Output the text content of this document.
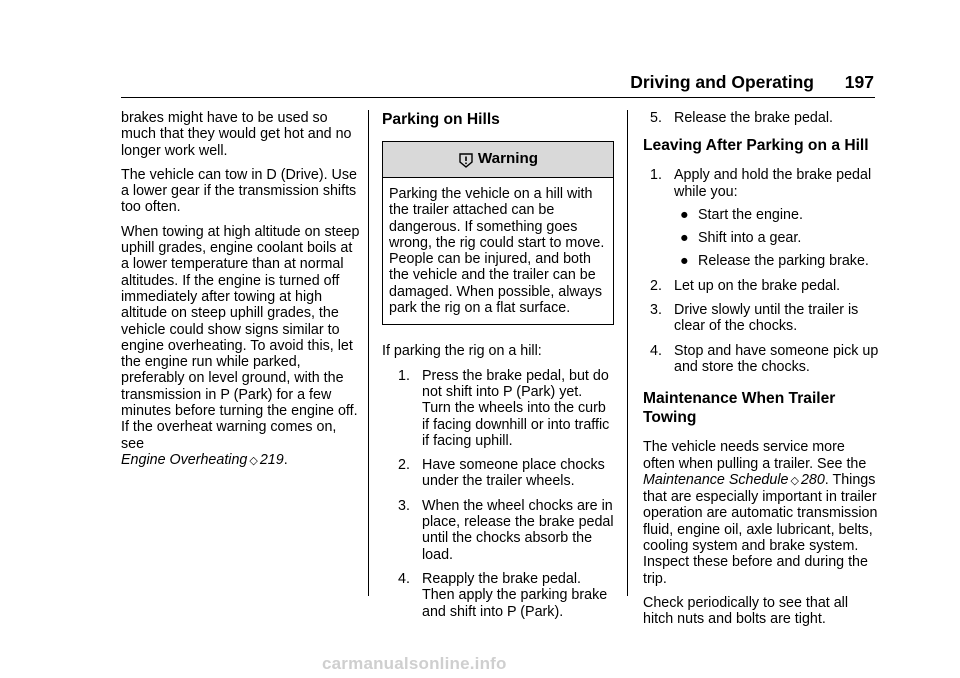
Driving and Operating 197

brakes might have to be used so much that they would get hot and no longer work well.

The vehicle can tow in D (Drive). Use a lower gear if the transmission shifts too often.

When towing at high altitude on steep uphill grades, engine coolant boils at a lower temperature than at normal altitudes. If the engine is turned off immediately after towing at high altitude on steep uphill grades, the vehicle could show signs similar to engine overheating. To avoid this, let the engine run while parked, preferably on level ground, with the transmission in P (Park) for a few minutes before turning the engine off. If the overheat warning comes on, see
Engine Overheating ◇ 219.

Parking on Hills
Warning
Parking the vehicle on a hill with the trailer attached can be dangerous. If something goes wrong, the rig could start to move. People can be injured, and both the vehicle and the trailer can be damaged. When possible, always park the rig on a flat surface.

If parking the rig on a hill:

1. Press the brake pedal, but do not shift into P (Park) yet. Turn the wheels into the curb if facing downhill or into traffic if facing uphill.
2. Have someone place chocks under the trailer wheels.
3. When the wheel chocks are in place, release the brake pedal until the chocks absorb the load.
4. Reapply the brake pedal. Then apply the parking brake and shift into P (Park).
5. Release the brake pedal.
Leaving After Parking on a Hill
1. Apply and hold the brake pedal while you:
● Start the engine.
● Shift into a gear.
● Release the parking brake.
2. Let up on the brake pedal.
3. Drive slowly until the trailer is clear of the chocks.
4. Stop and have someone pick up and store the chocks.
Maintenance When Trailer Towing

The vehicle needs service more often when pulling a trailer. See the Maintenance Schedule ◇ 280. Things that are especially important in trailer operation are automatic transmission fluid, engine oil, axle lubricant, belts, cooling system and brake system. Inspect these before and during the trip.

Check periodically to see that all hitch nuts and bolts are tight.

carmanualsonline.info
